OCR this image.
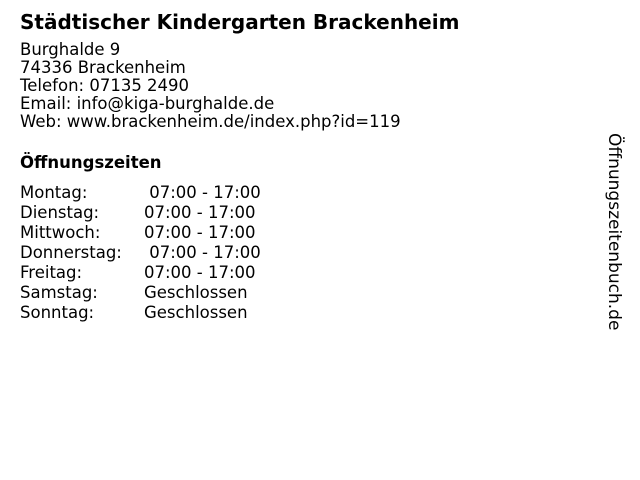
Städtischer Kindergarten Brackenheim
Burghalde 9
74336 Brackenheim
Telefon: 07135 2490
Email: info@kiga-burghalde.de
Web: www.brackenheim.de/index.php?id=119
Öffnungszeiten
Montag:	07:00 - 17:00
Dienstag:	07:00 - 17:00
Mittwoch:	07:00 - 17:00
Donnerstag:	07:00 - 17:00
Freitag:	07:00 - 17:00
Samstag:	Geschlossen
Sonntag:	Geschlossen	Öffnungszeitenbuch.de
